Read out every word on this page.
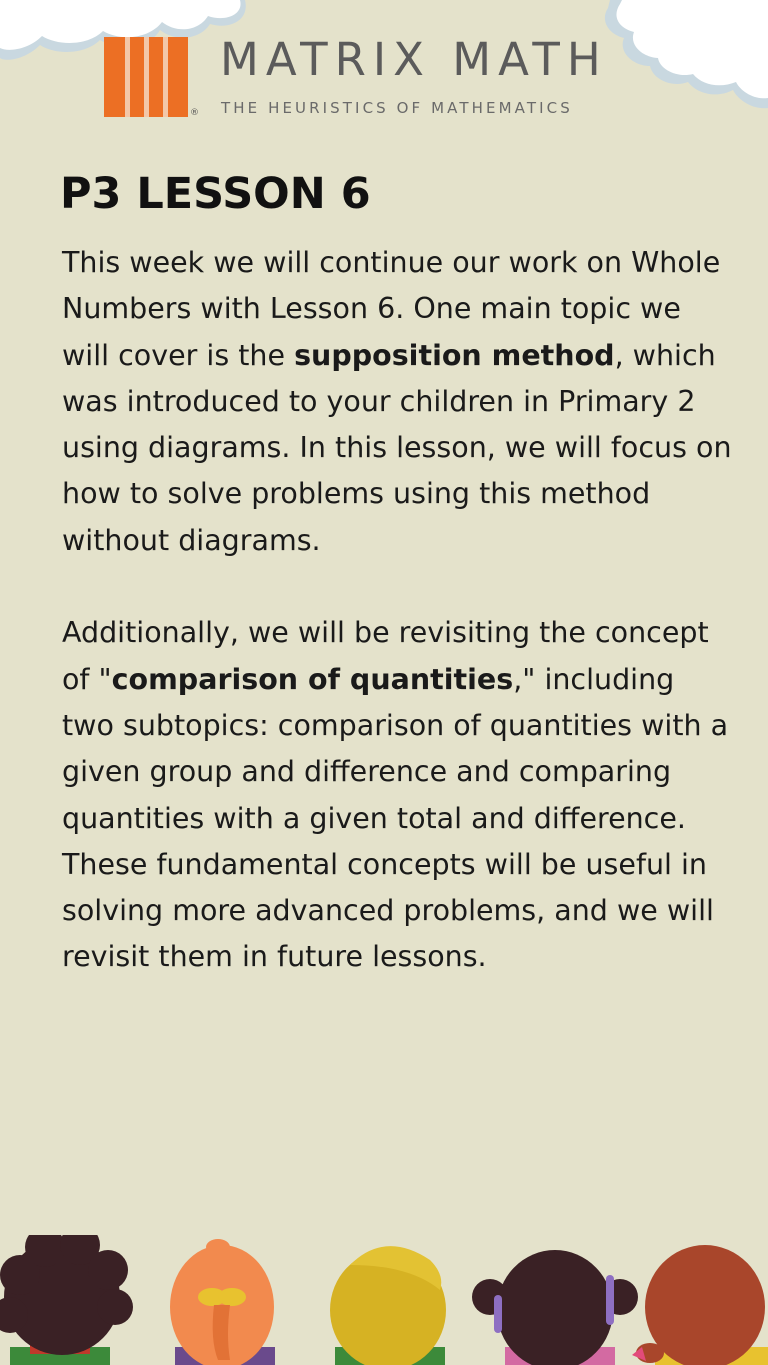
®
MATRIX MATH
THE HEURISTICS OF MATHEMATICS
P3 LESSON 6

This week we will continue our work on Whole Numbers with Lesson 6. One main topic we will cover is the supposition method, which was introduced to your children in Primary 2 using diagrams. In this lesson, we will focus on how to solve problems using this method without diagrams.

Additionally, we will be revisiting the concept of "comparison of quantities," including two subtopics: comparison of quantities with a given group and difference and comparing quantities with a given total and difference. These fundamental concepts will be useful in solving more advanced problems, and we will revisit them in future lessons.
